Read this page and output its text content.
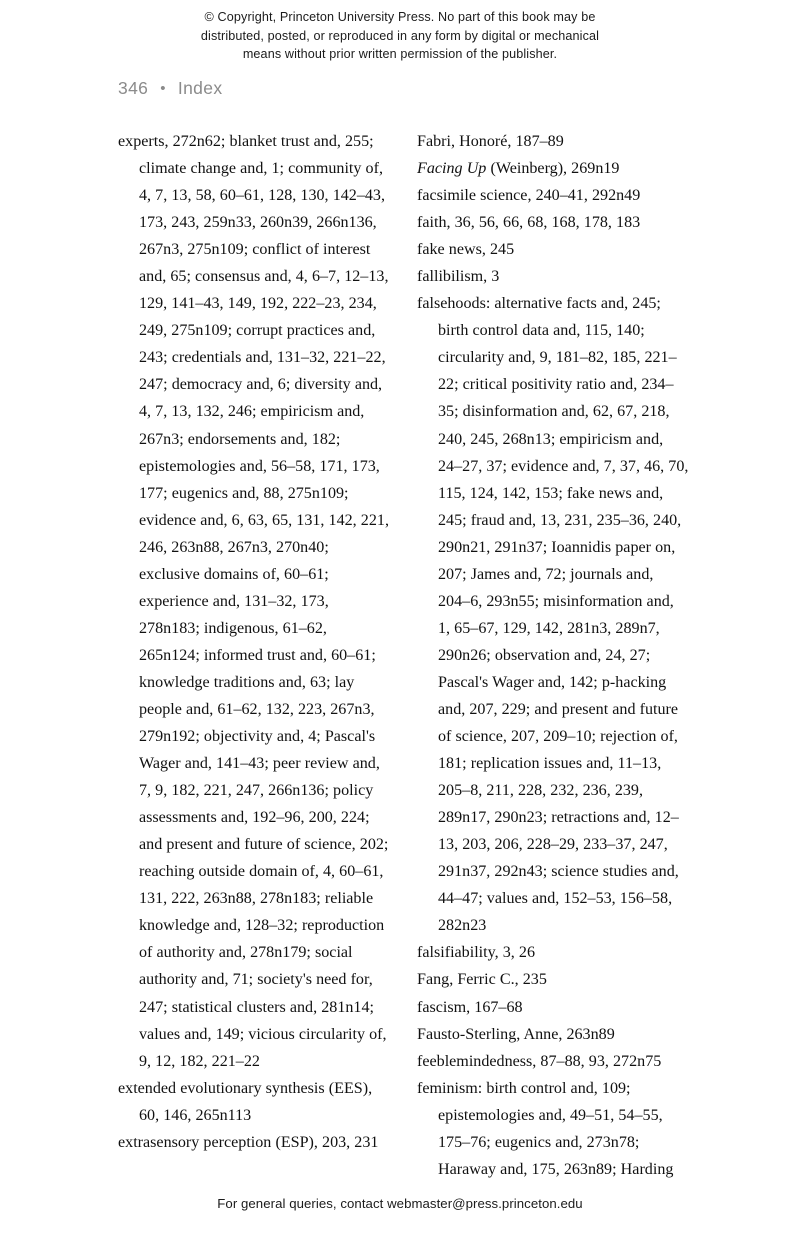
© Copyright, Princeton University Press. No part of this book may be
distributed, posted, or reproduced in any form by digital or mechanical
means without prior written permission of the publisher.
346 • Index

experts, 272n62; blanket trust and, 255; climate change and, 1; community of, 4, 7, 13, 58, 60–61, 128, 130, 142–43, 173, 243, 259n33, 260n39, 266n136, 267n3, 275n109; conflict of interest and, 65; consensus and, 4, 6–7, 12–13, 129, 141–43, 149, 192, 222–23, 234, 249, 275n109; corrupt practices and, 243; credentials and, 131–32, 221–22, 247; democracy and, 6; diversity and, 4, 7, 13, 132, 246; empiricism and, 267n3; endorsements and, 182; epistemologies and, 56–58, 171, 173, 177; eugenics and, 88, 275n109; evidence and, 6, 63, 65, 131, 142, 221, 246, 263n88, 267n3, 270n40; exclusive domains of, 60–61; experience and, 131–32, 173, 278n183; indigenous, 61–62, 265n124; informed trust and, 60–61; knowledge traditions and, 63; lay people and, 61–62, 132, 223, 267n3, 279n192; objectivity and, 4; Pascal's Wager and, 141–43; peer review and, 7, 9, 182, 221, 247, 266n136; policy assessments and, 192–96, 200, 224; and present and future of science, 202; reaching outside domain of, 4, 60–61, 131, 222, 263n88, 278n183; reliable knowledge and, 128–32; reproduction of authority and, 278n179; social authority and, 71; society's need for, 247; statistical clusters and, 281n14; values and, 149; vicious circularity of, 9, 12, 182, 221–22

extended evolutionary synthesis (EES), 60, 146, 265n113

extrasensory perception (ESP), 203, 231

Fabri, Honoré, 187–89

Facing Up (Weinberg), 269n19

facsimile science, 240–41, 292n49

faith, 36, 56, 66, 68, 168, 178, 183

fake news, 245

fallibilism, 3

falsehoods: alternative facts and, 245; birth control data and, 115, 140; circularity and, 9, 181–82, 185, 221–22; critical positivity ratio and, 234–35; disinformation and, 62, 67, 218, 240, 245, 268n13; empiricism and, 24–27, 37; evidence and, 7, 37, 46, 70, 115, 124, 142, 153; fake news and, 245; fraud and, 13, 231, 235–36, 240, 290n21, 291n37; Ioannidis paper on, 207; James and, 72; journals and, 204–6, 293n55; misinformation and, 1, 65–67, 129, 142, 281n3, 289n7, 290n26; observation and, 24, 27; Pascal's Wager and, 142; p-hacking and, 207, 229; and present and future of science, 207, 209–10; rejection of, 181; replication issues and, 11–13, 205–8, 211, 228, 232, 236, 239, 289n17, 290n23; retractions and, 12–13, 203, 206, 228–29, 233–37, 247, 291n37, 292n43; science studies and, 44–47; values and, 152–53, 156–58, 282n23

falsifiability, 3, 26

Fang, Ferric C., 235

fascism, 167–68

Fausto-Sterling, Anne, 263n89

feeblemindedness, 87–88, 93, 272n75

feminism: birth control and, 109; epistemologies and, 49–51, 54–55, 175–76; eugenics and, 273n78; Haraway and, 175, 263n89; Harding

For general queries, contact webmaster@press.princeton.edu
